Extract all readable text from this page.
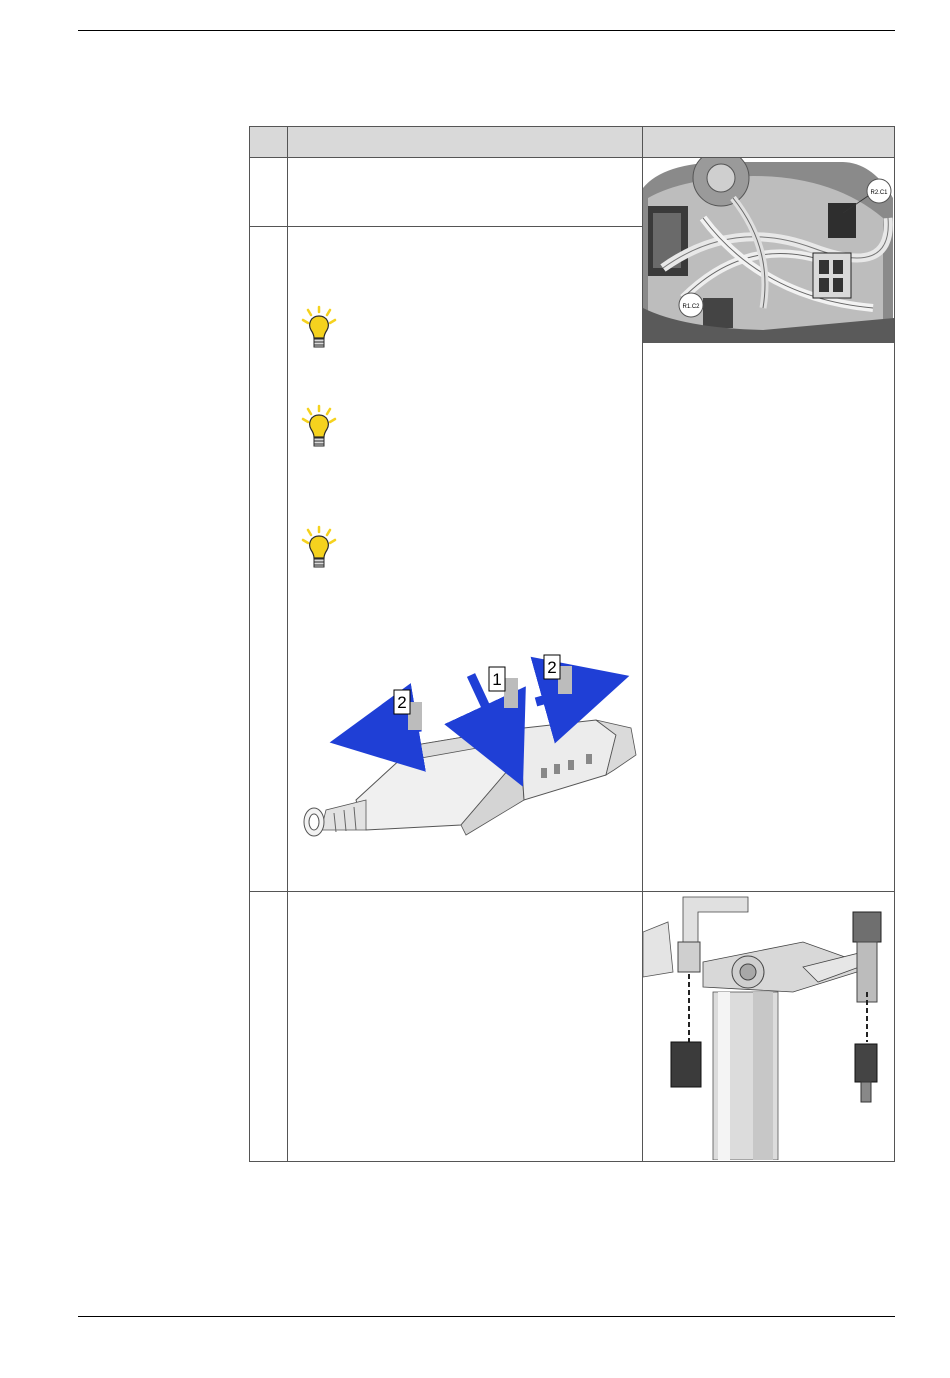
R2.C1
R1.C2

1
2
2
